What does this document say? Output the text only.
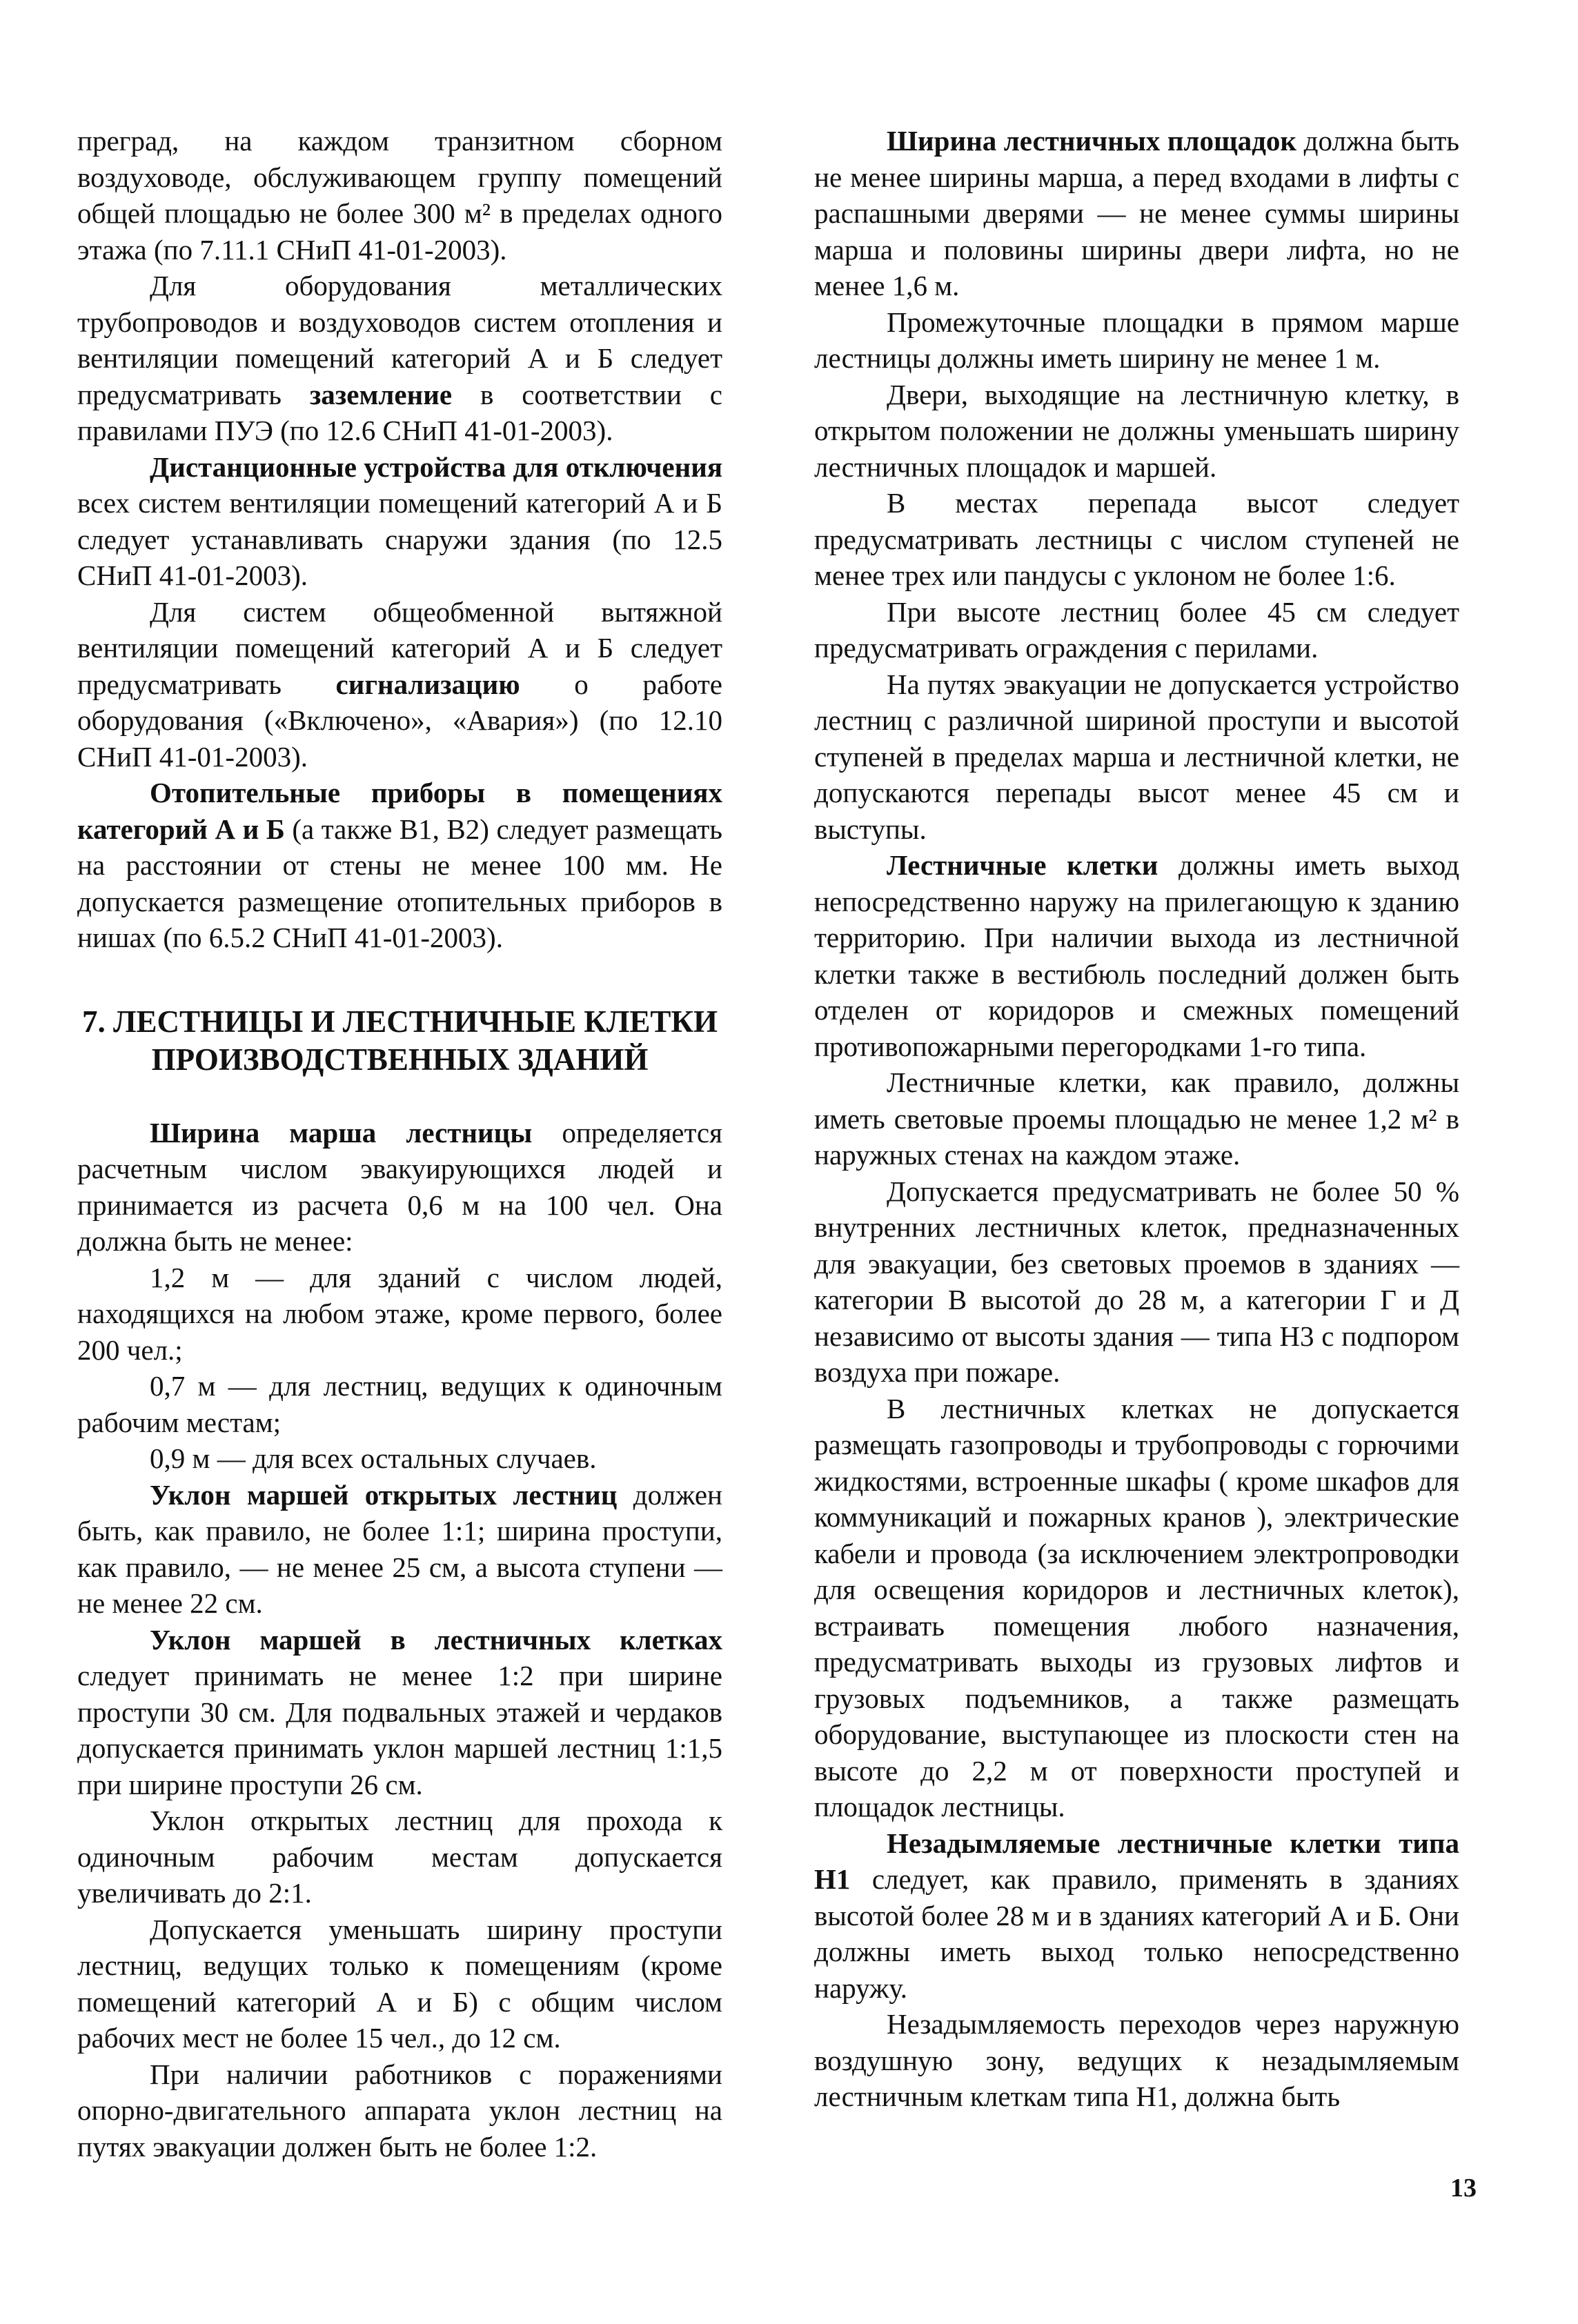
преград, на каждом транзитном сборном воздуховоде, обслуживающем группу помещений общей площадью не более 300 м² в пределах одного этажа (по 7.11.1 СНиП 41-01-2003).

Для оборудования металлических трубопроводов и воздуховодов систем отопления и вентиляции помещений категорий А и Б следует предусматривать заземление в соответствии с правилами ПУЭ (по 12.6 СНиП 41-01-2003).

Дистанционные устройства для отключения всех систем вентиляции помещений категорий А и Б следует устанавливать снаружи здания (по 12.5 СНиП 41-01-2003).

Для систем общеобменной вытяжной вентиляции помещений категорий А и Б следует предусматривать сигнализацию о работе оборудования («Включено», «Авария») (по 12.10 СНиП 41-01-2003).

Отопительные приборы в помещениях категорий А и Б (а также В1, В2) следует размещать на расстоянии от стены не менее 100 мм. Не допускается размещение отопительных приборов в нишах (по 6.5.2 СНиП 41-01-2003).

7. ЛЕСТНИЦЫ И ЛЕСТНИЧНЫЕ КЛЕТКИ ПРОИЗВОДСТВЕННЫХ ЗДАНИЙ

Ширина марша лестницы определяется расчетным числом эвакуирующихся людей и принимается из расчета 0,6 м на 100 чел. Она должна быть не менее:

1,2 м — для зданий с числом людей, находящихся на любом этаже, кроме первого, более 200 чел.;

0,7 м — для лестниц, ведущих к одиночным рабочим местам;

0,9 м — для всех остальных случаев.

Уклон маршей открытых лестниц должен быть, как правило, не более 1:1; ширина проступи, как правило, — не менее 25 см, а высота ступени — не менее 22 см.

Уклон маршей в лестничных клетках следует принимать не менее 1:2 при ширине проступи 30 см. Для подвальных этажей и чердаков допускается принимать уклон маршей лестниц 1:1,5 при ширине проступи 26 см.

Уклон открытых лестниц для прохода к одиночным рабочим местам допускается увеличивать до 2:1.

Допускается уменьшать ширину проступи лестниц, ведущих только к помещениям (кроме помещений категорий А и Б) с общим числом рабочих мест не более 15 чел., до 12 см.

При наличии работников с поражениями опорно-двигательного аппарата уклон лестниц на путях эвакуации должен быть не более 1:2.

Ширина лестничных площадок должна быть не менее ширины марша, а перед входами в лифты с распашными дверями — не менее суммы ширины марша и половины ширины двери лифта, но не менее 1,6 м.

Промежуточные площадки в прямом марше лестницы должны иметь ширину не менее 1 м.

Двери, выходящие на лестничную клетку, в открытом положении не должны уменьшать ширину лестничных площадок и маршей.

В местах перепада высот следует предусматривать лестницы с числом ступеней не менее трех или пандусы с уклоном не более 1:6.

При высоте лестниц более 45 см следует предусматривать ограждения с перилами.

На путях эвакуации не допускается устройство лестниц с различной шириной проступи и высотой ступеней в пределах марша и лестничной клетки, не допускаются перепады высот менее 45 см и выступы.

Лестничные клетки должны иметь выход непосредственно наружу на прилегающую к зданию территорию. При наличии выхода из лестничной клетки также в вестибюль последний должен быть отделен от коридоров и смежных помещений противопожарными перегородками 1-го типа.

Лестничные клетки, как правило, должны иметь световые проемы площадью не менее 1,2 м² в наружных стенах на каждом этаже.

Допускается предусматривать не более 50 % внутренних лестничных клеток, предназначенных для эвакуации, без световых проемов в зданиях — категории В высотой до 28 м, а категории Г и Д независимо от высоты здания — типа Н3 с подпором воздуха при пожаре.

В лестничных клетках не допускается размещать газопроводы и трубопроводы с горючими жидкостями, встроенные шкафы ( кроме шкафов для коммуникаций и пожарных кранов ), электрические кабели и провода (за исключением электропроводки для освещения коридоров и лестничных клеток), встраивать помещения любого назначения, предусматривать выходы из грузовых лифтов и грузовых подъемников, а также размещать оборудование, выступающее из плоскости стен на высоте до 2,2 м от поверхности проступей и площадок лестницы.

Незадымляемые лестничные клетки типа Н1 следует, как правило, применять в зданиях высотой более 28 м и в зданиях категорий А и Б. Они должны иметь выход только непосредственно наружу.

Незадымляемость переходов через наружную воздушную зону, ведущих к незадымляемым лестничным клеткам типа Н1, должна быть

13
